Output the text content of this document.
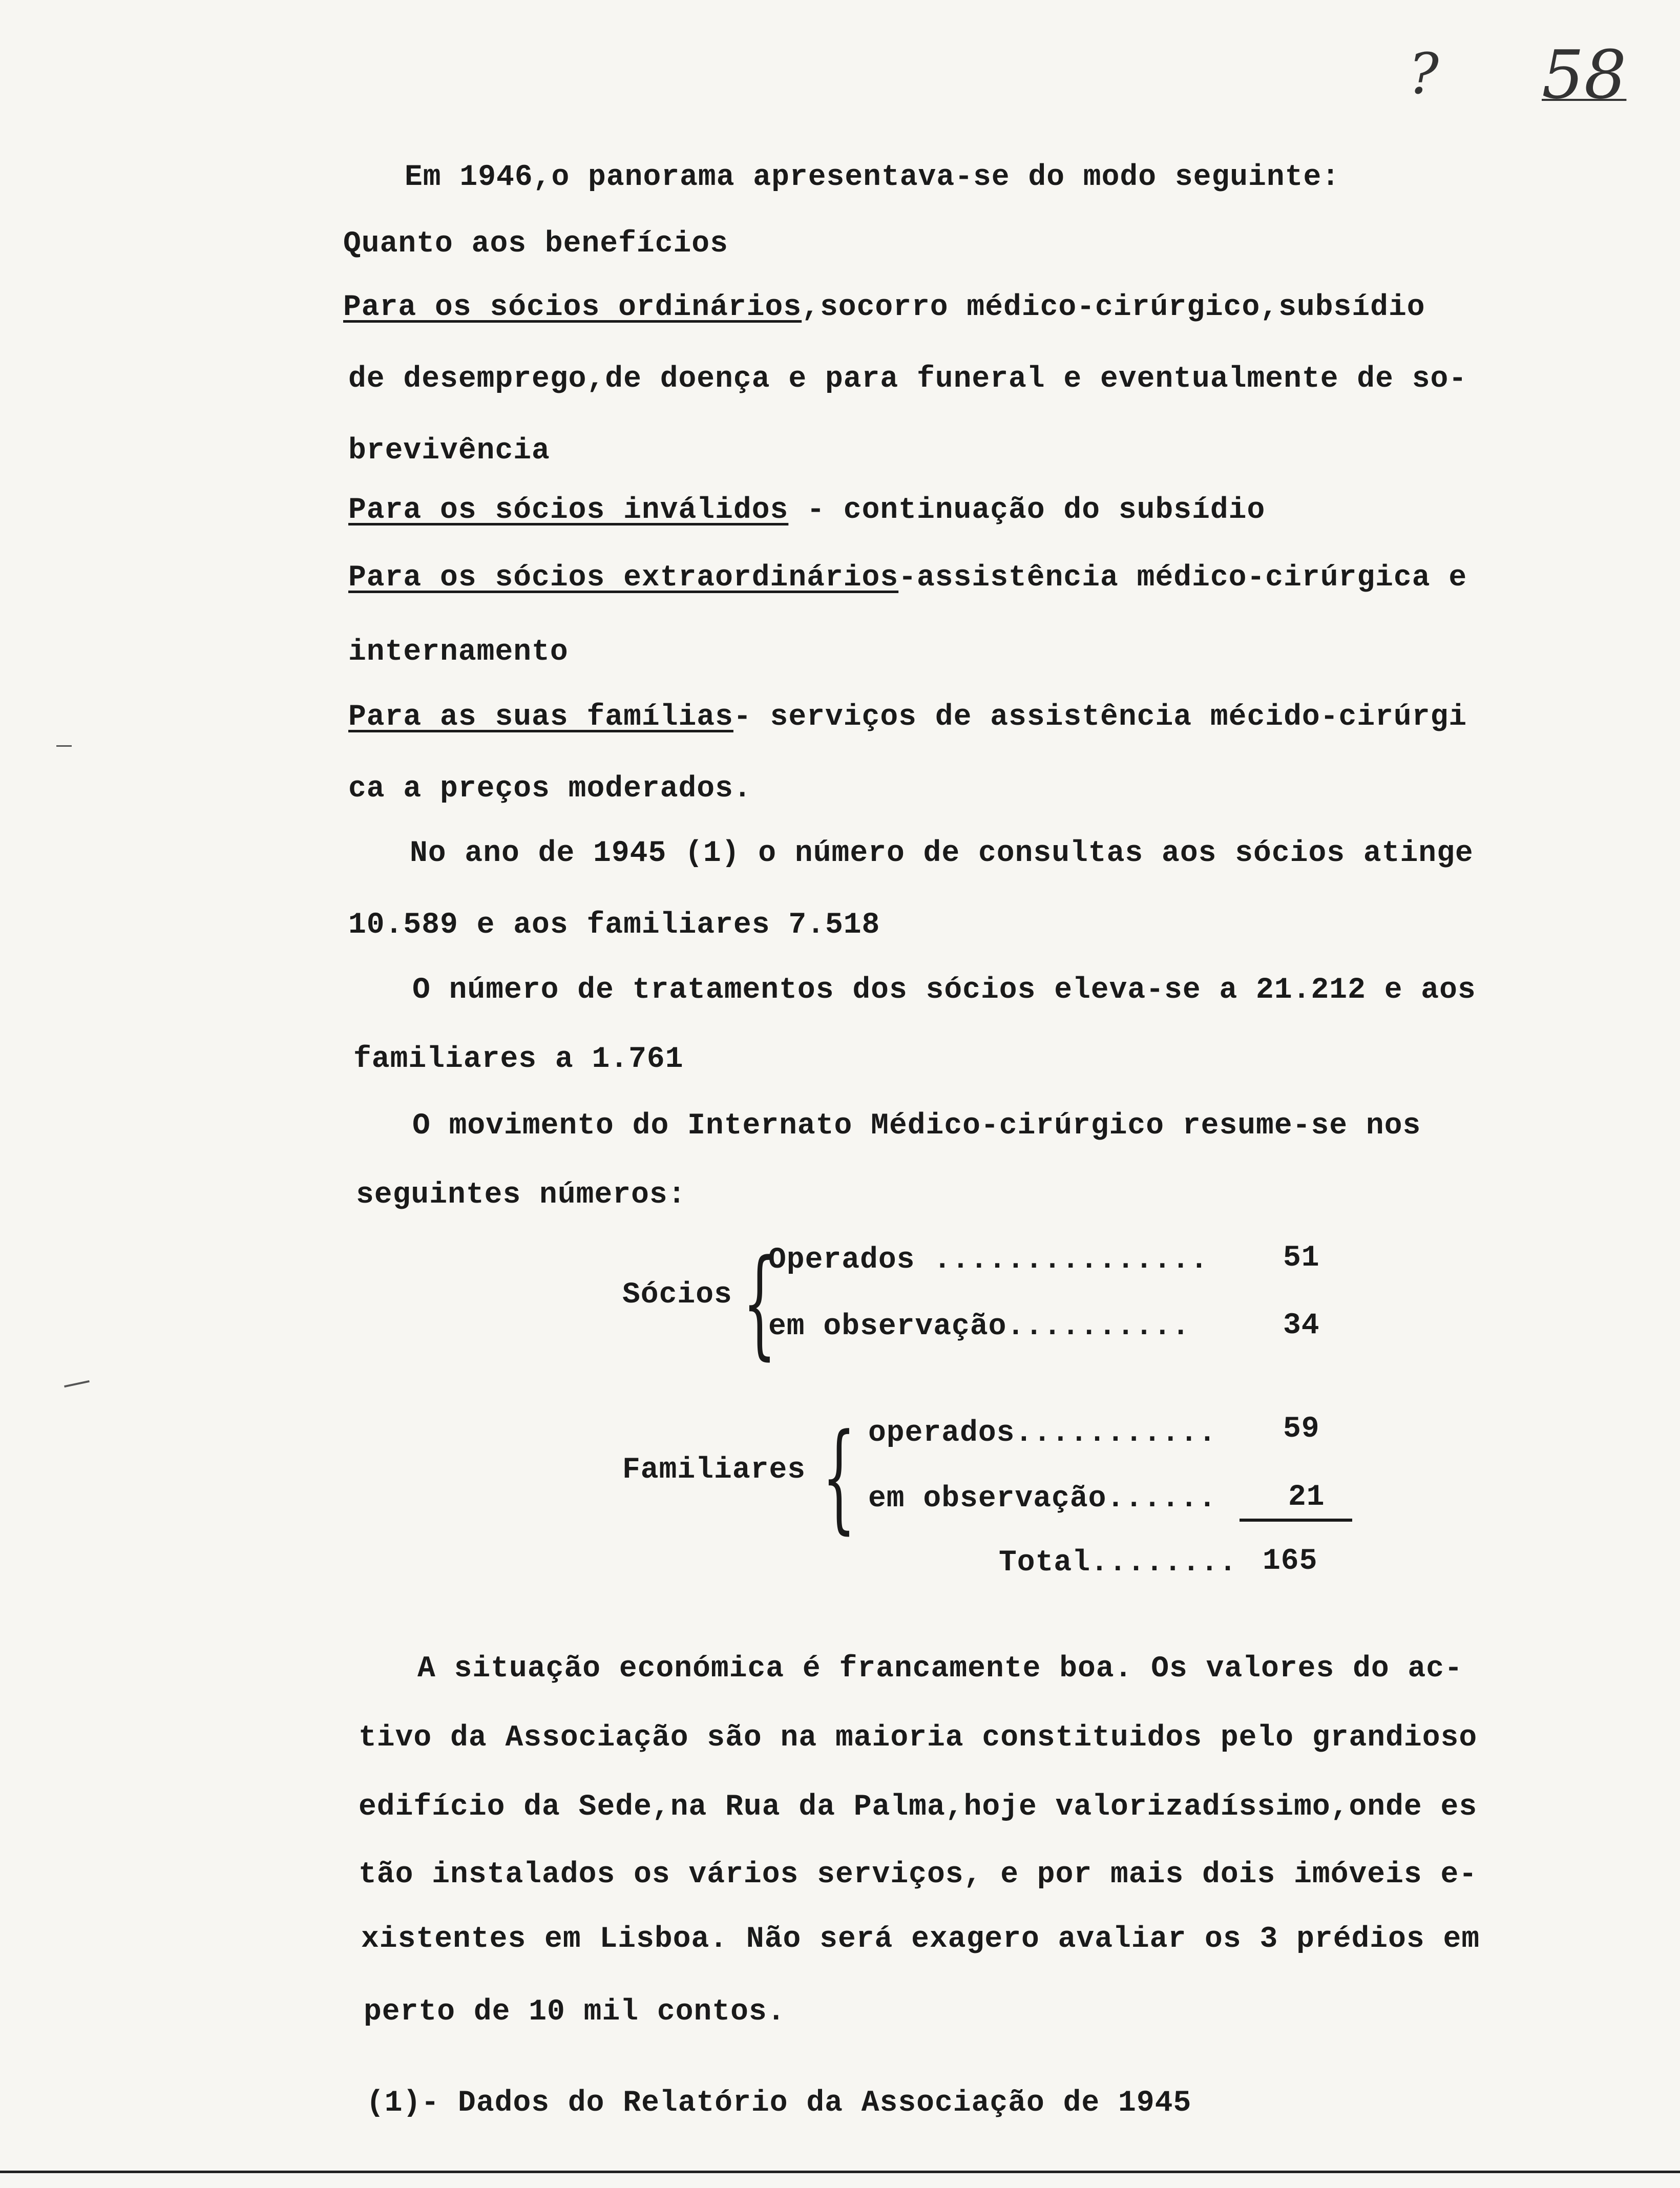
? 58
Em 1946,o panorama apresentava-se do modo seguinte:
Quanto aos benefícios
Para os sócios ordinários,socorro médico-cirúrgico,subsídio
de desemprego,de doença e para funeral e eventualmente de so-
brevivência
Para os sócios inválidos - continuação do subsídio
Para os sócios extraordinários-assistência médico-cirúrgica e
internamento
Para as suas famílias- serviços de assistência mécido-cirúrgi
ca a preços moderados.
No ano de 1945 (1) o número de consultas aos sócios atinge
10.589 e aos familiares 7.518
O número de tratamentos dos sócios eleva-se a 21.212 e aos
familiares a 1.761
O movimento do Internato Médico-cirúrgico resume-se nos
seguintes números:
Sócios {
Operados ...............	51
em observação..........	34
Familiares { operados........... 59
em observação...... 21
Total........ 165
A situação económica é francamente boa. Os valores do ac-
tivo da Associação são na maioria constituidos pelo grandioso
edifício da Sede,na Rua da Palma,hoje valorizadíssimo,onde es
tão instalados os vários serviços, e por mais dois imóveis e-
xistentes em Lisboa. Não será exagero avaliar os 3 prédios em
perto de 10 mil contos.
(1)- Dados do Relatório da Associação de 1945
